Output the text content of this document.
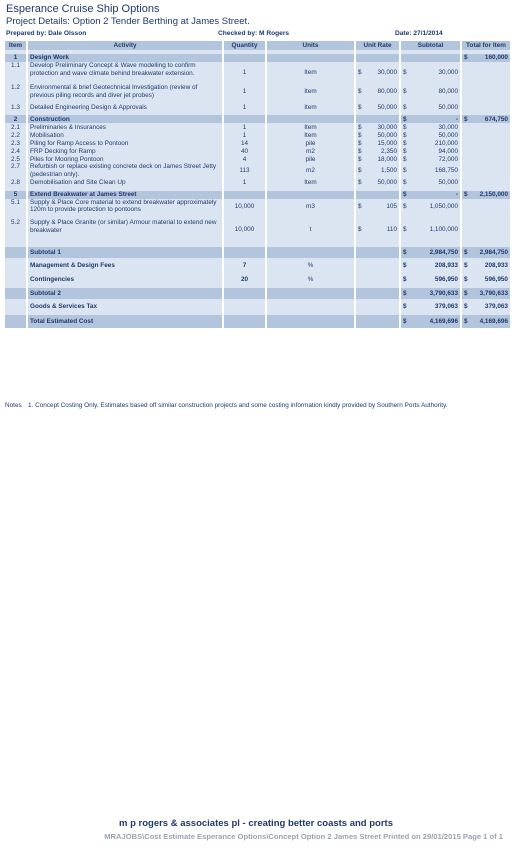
Esperance Cruise Ship Options
Project Details: Option 2 Tender Berthing at James Street.
Prepared by: Dale Olsson	Checked by: M Rogers	Date: 27/1/2014
Item	Activity	Quantity	Units	Unit Rate	Subtotal	Total for Item

1	Design Work					$ 160,000

1.1	Develop Preliminary Concept & Wave modelling to confirm protection and wave climate behind breakwater extension.	1	Item	$ 30,000	$ 30,000	

1.2	Environmental & brief Geotechnical Investigation (review of previous piling records and diver jet probes)	1	Item	$ 80,000	$ 80,000	

1.3	Detailed Engineering Design & Approvals	1	Item	$ 50,000	$ 50,000	

2	Construction				$ -	$ 674,750

2.1	Preliminaries & Insurances	1	Item	$ 30,000	$ 30,000	

2.2	Mobilisation	1	Item	$ 50,000	$ 50,000	

2.3	Piling for Ramp Access to Pontoon	14	pile	$ 15,000	$ 210,000	

2.4	FRP Decking for Ramp	40	m2	$ 2,350	$ 94,000	

2.5	Piles for Mooring Pontoon	4	pile	$ 18,000	$ 72,000	

2.7	Refurbish or replace existing concrete deck on James Street Jetty (pedestrian only).	113	m2	$ 1,500	$ 168,750	

2.8	Demobilisation and Site Clean Up	1	Item	$ 50,000	$ 50,000	

5	Extend Breakwater at James Street				$ -	$ 2,150,000

5.1	Supply & Place Core material to extend breakwater approximately 120m to provide protection to pontoons	10,000	m3	$ 105	$ 1,050,000	

5.2	Supply & Place Granite (or similar) Armour material to extend new breakwater	10,000	t	$ 110	$ 1,100,000	

	Subtotal 1				$ 2,984,750	$ 2,984,750

	Management & Design Fees	7	%		$ 208,933	$ 208,933

	Contingencies	20	%		$ 596,950	$ 596,950

	Subtotal 2				$ 3,790,633	$ 3,790,633

	Goods & Services Tax				$ 379,063	$ 379,063

	Total Estimated Cost				$ 4,169,696	$ 4,169,696
Notes 1. Concept Costing Only. Estimates based off similar construction projects and some costing information kindly provided by Southern Ports Authority.
m p rogers & associates pl - creating better coasts and ports
MRAJOBS\Cost Estimate Esperance Options\Concept Option 2 James Street Printed on 29/01/2015 Page 1 of 1
